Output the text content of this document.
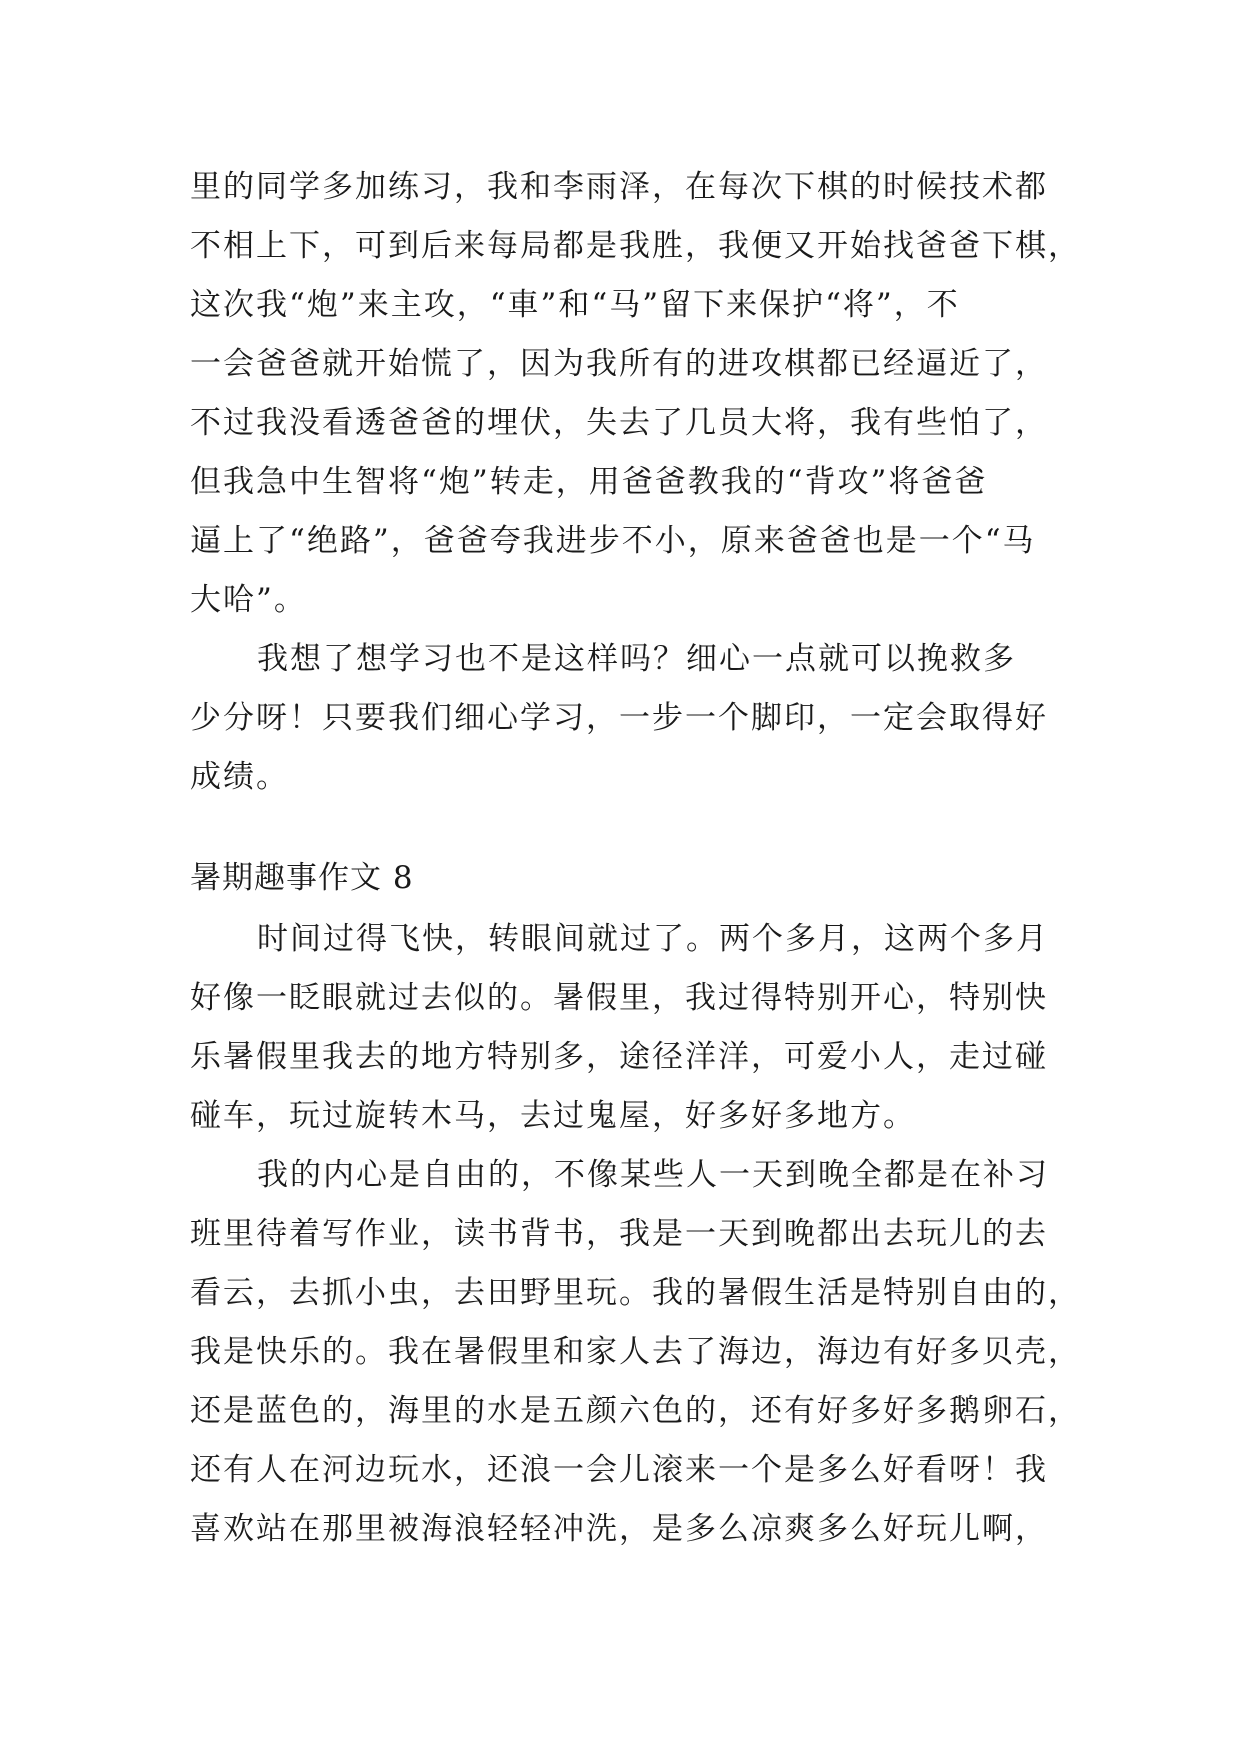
里的同学多加练习，我和李雨泽，在每次下棋的时候技术都
不相上下，可到后来每局都是我胜，我便又开始找爸爸下棋，
这次我“炮”来主攻，“車”和“马”留下来保护“将”，不
一会爸爸就开始慌了，因为我所有的进攻棋都已经逼近了，
不过我没看透爸爸的埋伏，失去了几员大将，我有些怕了，
但我急中生智将“炮”转走，用爸爸教我的“背攻”将爸爸
逼上了“绝路”，爸爸夸我进步不小，原来爸爸也是一个“马
大哈”。
我想了想学习也不是这样吗？细心一点就可以挽救多
少分呀！只要我们细心学习，一步一个脚印，一定会取得好
成绩。
暑期趣事作文 8
时间过得飞快，转眼间就过了。两个多月，这两个多月
好像一眨眼就过去似的。暑假里，我过得特别开心，特别快
乐暑假里我去的地方特别多，途径洋洋，可爱小人，走过碰
碰车，玩过旋转木马，去过鬼屋，好多好多地方。
我的内心是自由的，不像某些人一天到晚全都是在补习
班里待着写作业，读书背书，我是一天到晚都出去玩儿的去
看云，去抓小虫，去田野里玩。我的暑假生活是特别自由的，
我是快乐的。我在暑假里和家人去了海边，海边有好多贝壳，
还是蓝色的，海里的水是五颜六色的，还有好多好多鹅卵石，
还有人在河边玩水，还浪一会儿滚来一个是多么好看呀！我
喜欢站在那里被海浪轻轻冲洗，是多么凉爽多么好玩儿啊，
